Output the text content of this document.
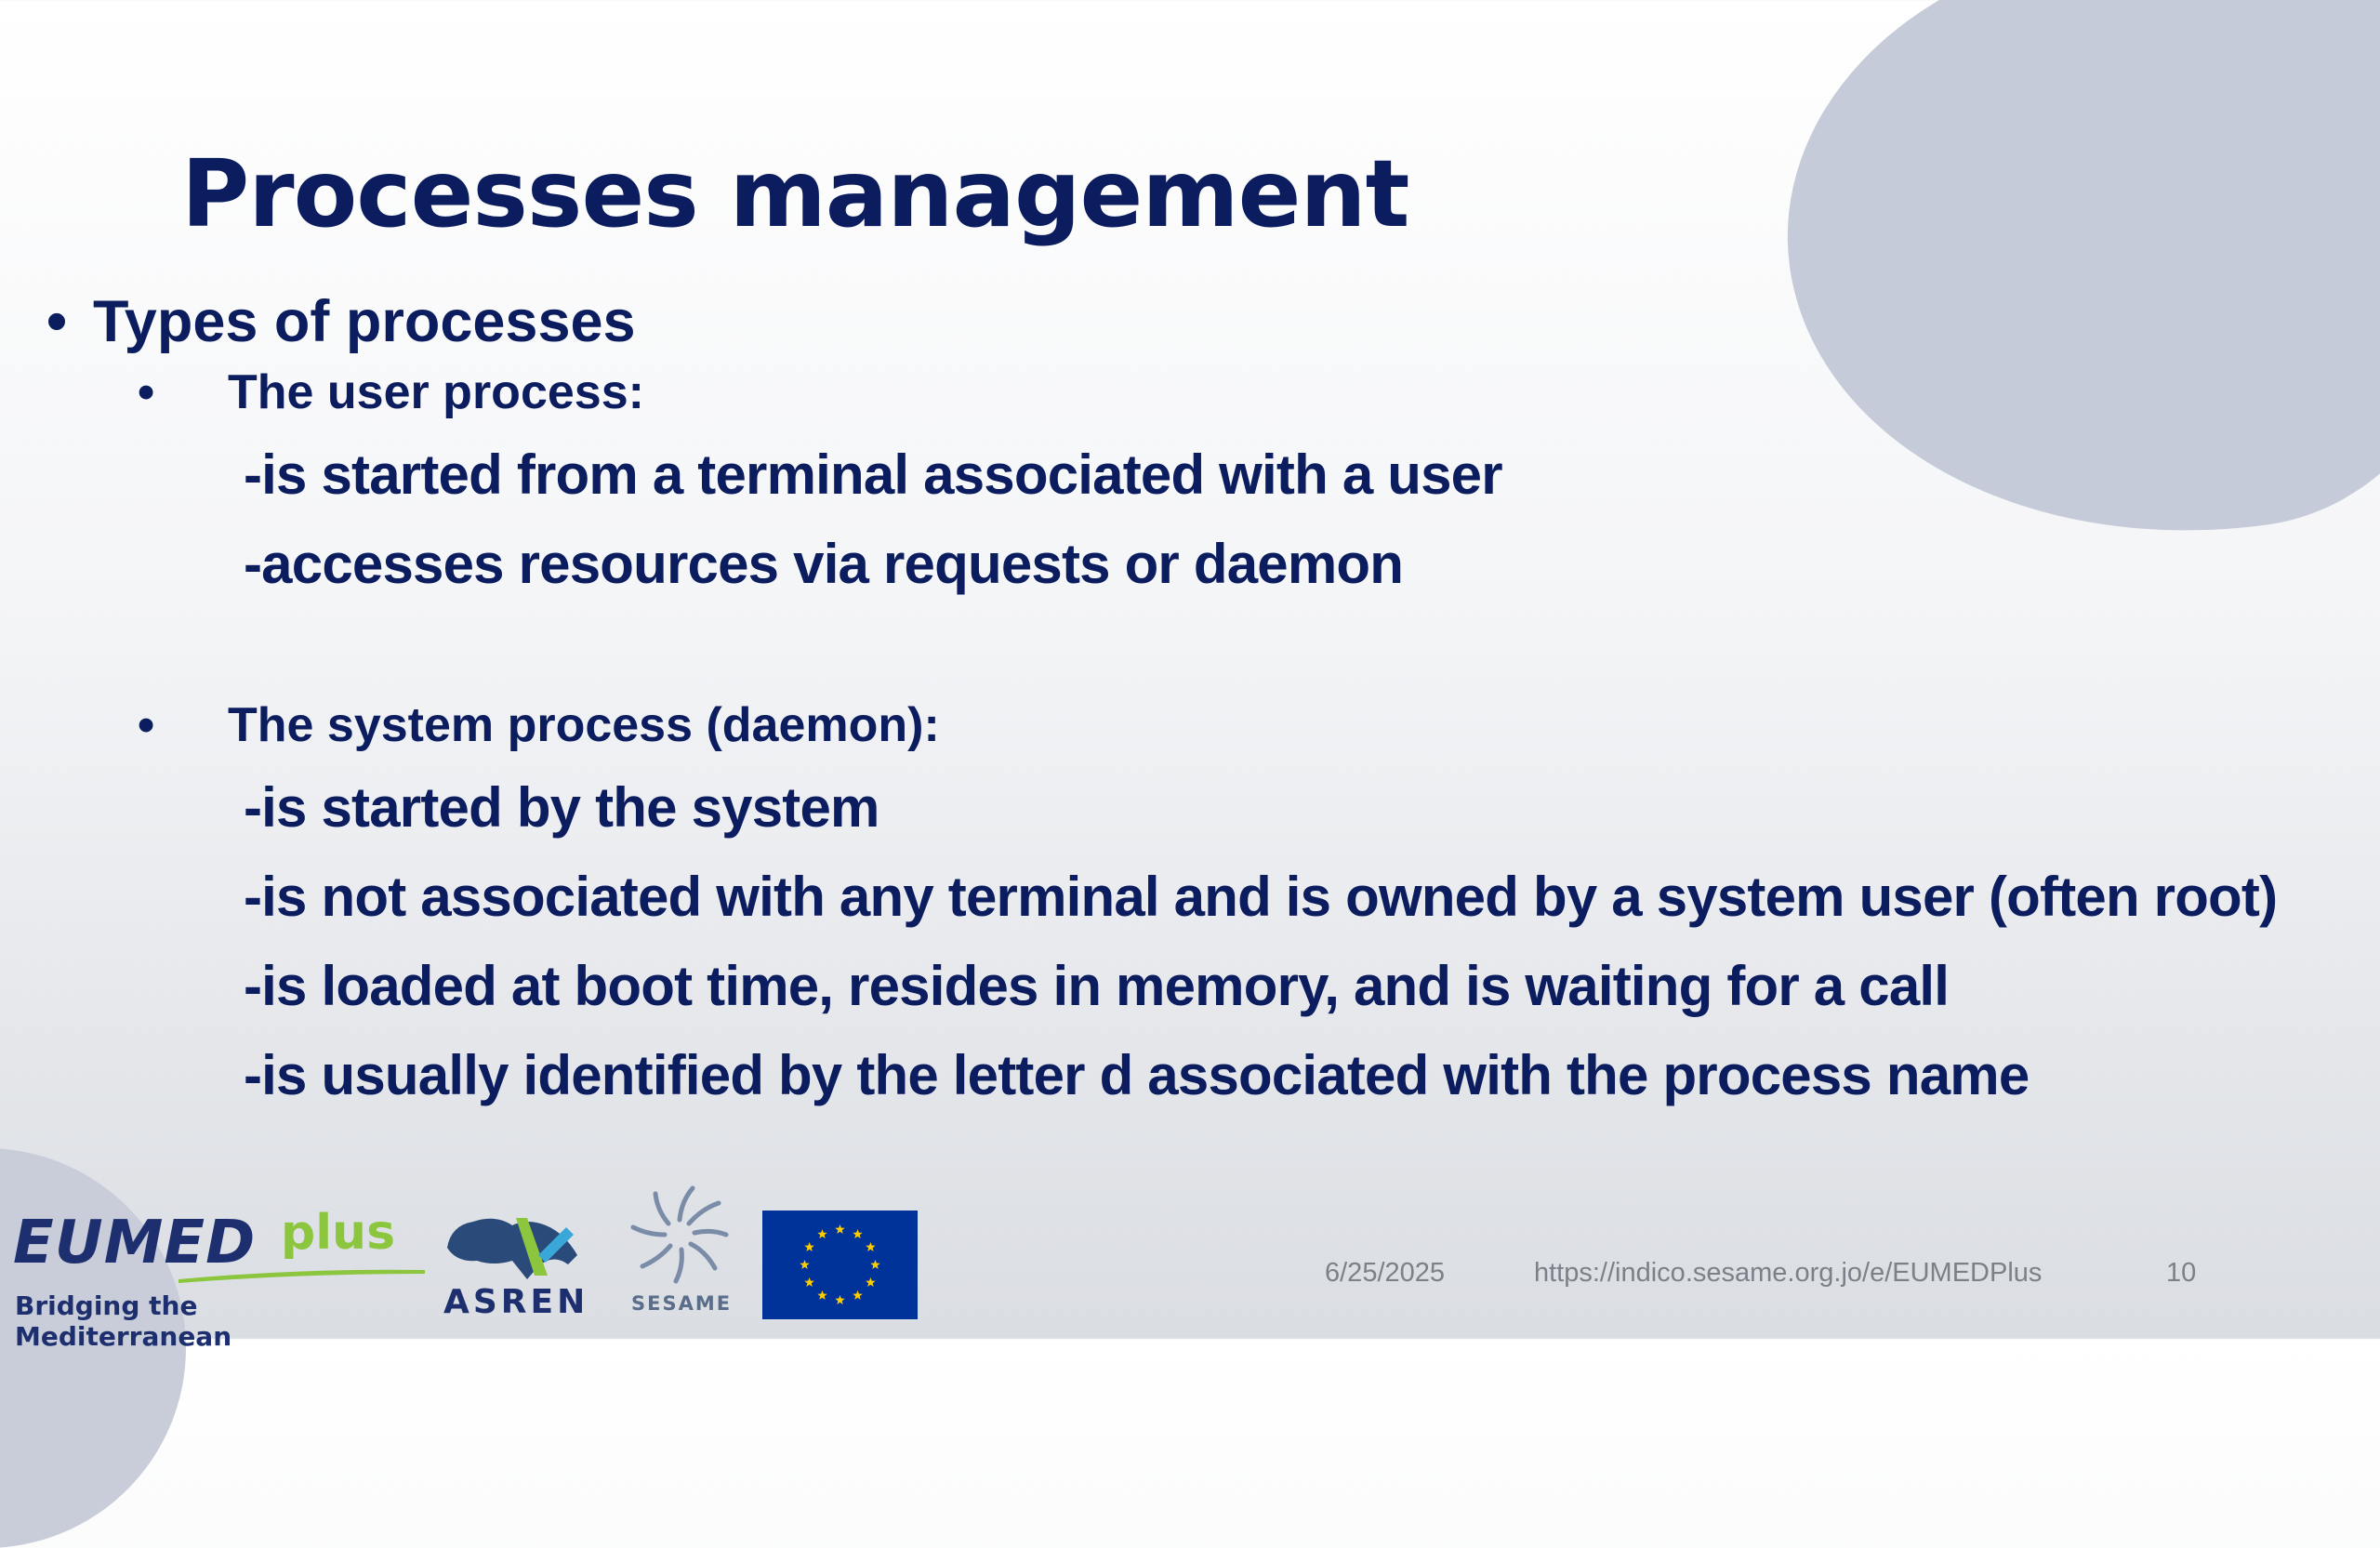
Processes management
• Types of processes
• The user process:
-is started from a terminal associated with a user
-accesses resources via requests or daemon
• The system process (daemon):
-is started by the system
-is not associated with any terminal and is owned by a system user (often root)
-is loaded at boot time, resides in memory, and is waiting for a call
-is usually identified by the letter d associated with the process name
EUMED plus
Bridging the Mediterranean
ASREN SESAME
6/25/2025	https://indico.sesame.org.jo/e/EUMEDPlus	10
